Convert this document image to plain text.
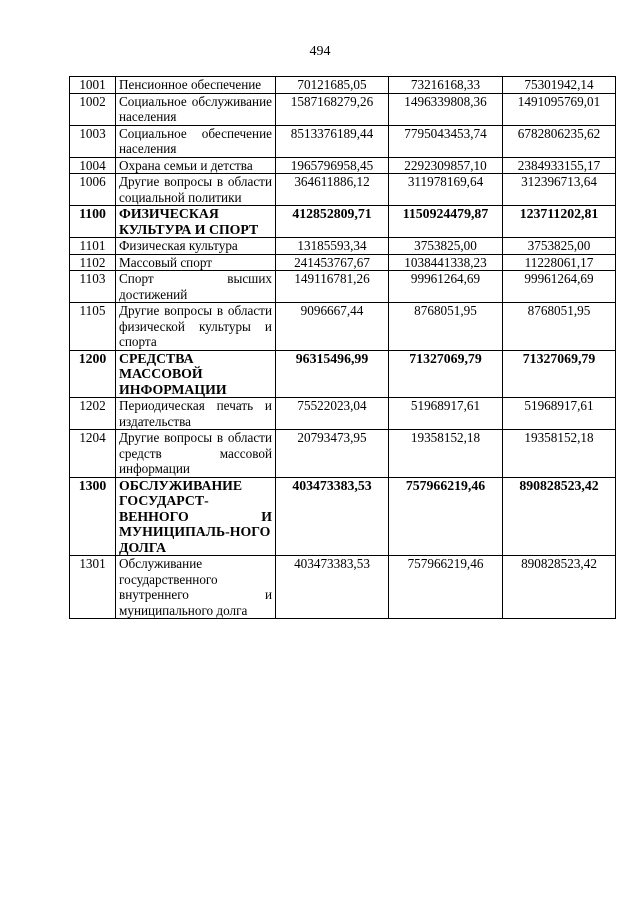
494
1001	Пенсионное обеспечение	70121685,05	73216168,33	75301942,14
1002	Социальное обслуживание населения	1587168279,26	1496339808,36	1491095769,01
1003	Социальное обеспечение населения	8513376189,44	7795043453,74	6782806235,62
1004	Охрана семьи и детства	1965796958,45	2292309857,10	2384933155,17
1006	Другие вопросы в области социальной политики	364611886,12	311978169,64	312396713,64
1100	ФИЗИЧЕСКАЯ КУЛЬТУРА И СПОРТ	412852809,71	1150924479,87	123711202,81
1101	Физическая культура	13185593,34	3753825,00	3753825,00
1102	Массовый спорт	241453767,67	1038441338,23	11228061,17
1103	Спорт высших достижений	149116781,26	99961264,69	99961264,69
1105	Другие вопросы в области физической культуры и спорта	9096667,44	8768051,95	8768051,95
1200	СРЕДСТВА МАССОВОЙ ИНФОРМАЦИИ	96315496,99	71327069,79	71327069,79
1202	Периодическая печать и издательства	75522023,04	51968917,61	51968917,61
1204	Другие вопросы в области средств массовой информации	20793473,95	19358152,18	19358152,18
1300	ОБСЛУЖИВАНИЕ ГОСУДАРСТ-ВЕННОГО И МУНИЦИПАЛЬ-НОГО ДОЛГА	403473383,53	757966219,46	890828523,42
1301	Обслуживание государственного внутреннего и муниципального долга	403473383,53	757966219,46	890828523,42
